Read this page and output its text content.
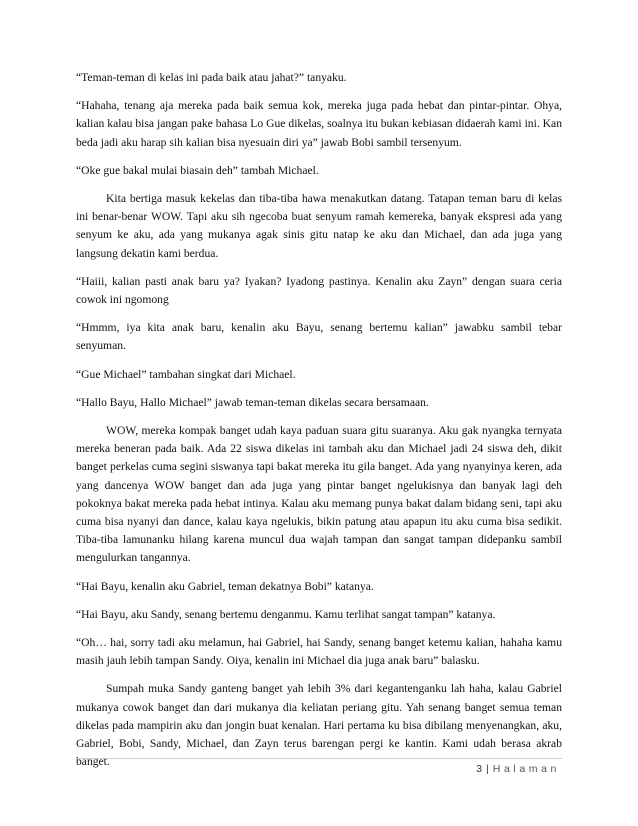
“Teman-teman di kelas ini pada baik atau jahat?” tanyaku.

“Hahaha, tenang aja mereka pada baik semua kok, mereka juga pada hebat dan pintar-pintar. Ohya, kalian kalau bisa jangan pake bahasa Lo Gue dikelas, soalnya itu bukan kebiasan didaerah kami ini. Kan beda jadi aku harap sih kalian bisa nyesuain diri ya” jawab Bobi sambil tersenyum.

“Oke gue bakal mulai biasain deh” tambah Michael.

Kita bertiga masuk kekelas dan tiba-tiba hawa menakutkan datang. Tatapan teman baru di kelas ini benar-benar WOW. Tapi aku sih ngecoba buat senyum ramah kemereka, banyak ekspresi ada yang senyum ke aku, ada yang mukanya agak sinis gitu natap ke aku dan Michael, dan ada juga yang langsung dekatin kami berdua.

“Haiii, kalian pasti anak baru ya? Iyakan? Iyadong pastinya. Kenalin aku Zayn” dengan suara ceria cowok ini ngomong

“Hmmm, iya kita anak baru, kenalin aku Bayu, senang bertemu kalian” jawabku sambil tebar senyuman.

“Gue Michael” tambahan singkat dari Michael.

“Hallo Bayu, Hallo Michael” jawab teman-teman dikelas secara bersamaan.

WOW, mereka kompak banget udah kaya paduan suara gitu suaranya. Aku gak nyangka ternyata mereka beneran pada baik. Ada 22 siswa dikelas ini tambah aku dan Michael jadi 24 siswa deh, dikit banget perkelas cuma segini siswanya tapi bakat mereka itu gila banget. Ada yang nyanyinya keren, ada yang dancenya WOW banget dan ada juga yang pintar banget ngelukisnya dan banyak lagi deh pokoknya bakat mereka pada hebat intinya. Kalau aku memang punya bakat dalam bidang seni, tapi aku cuma bisa nyanyi dan dance, kalau kaya ngelukis, bikin patung atau apapun itu aku cuma bisa sedikit. Tiba-tiba lamunanku hilang karena muncul dua wajah tampan dan sangat tampan didepanku sambil mengulurkan tangannya.

“Hai Bayu, kenalin aku Gabriel, teman dekatnya Bobi” katanya.

“Hai Bayu, aku Sandy, senang bertemu denganmu. Kamu terlihat sangat tampan” katanya.

“Oh… hai, sorry tadi aku melamun, hai Gabriel, hai Sandy, senang banget ketemu kalian, hahaha kamu masih jauh lebih tampan Sandy. Oiya, kenalin ini Michael dia juga anak baru” balasku.

Sumpah muka Sandy ganteng banget yah lebih 3% dari kegantenganku lah haha, kalau Gabriel mukanya cowok banget dan dari mukanya dia keliatan periang gitu. Yah senang banget semua teman dikelas pada mampirin aku dan jongin buat kenalan. Hari pertama ku bisa dibilang menyenangkan, aku, Gabriel, Bobi, Sandy, Michael, dan Zayn terus barengan pergi ke kantin. Kami udah berasa akrab banget.

3 | Halaman
